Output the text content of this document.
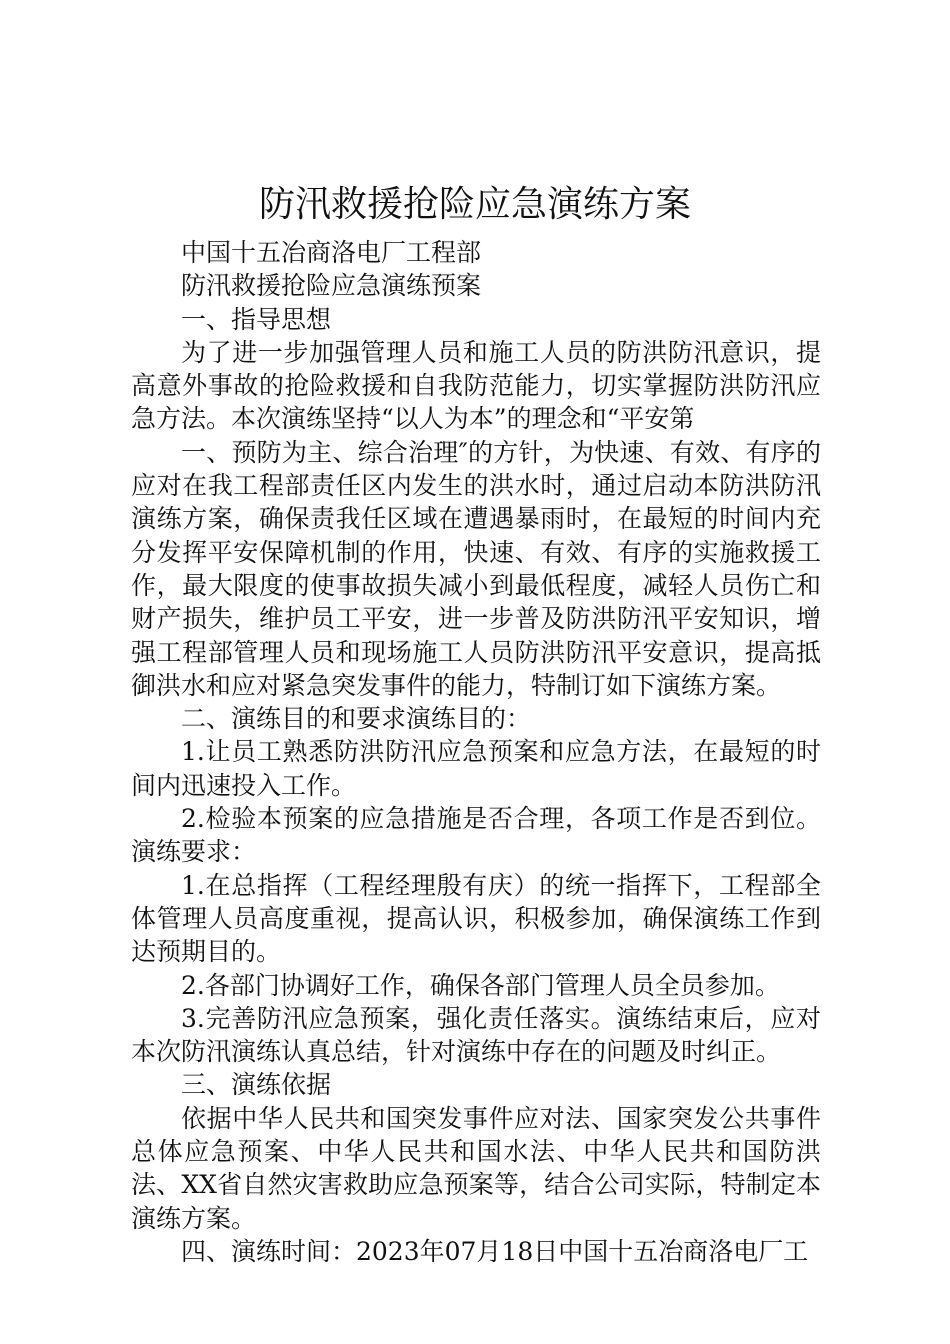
防汛救援抢险应急演练方案

中国十五冶商洛电厂工程部

防汛救援抢险应急演练预案

一、指导思想

为了进一步加强管理人员和施工人员的防洪防汛意识，提高意外事故的抢险救援和自我防范能力，切实掌握防洪防汛应急方法。本次演练坚持“以人为本”的理念和“平安第

一、预防为主、综合治理″的方针，为快速、有效、有序的应对在我工程部责任区内发生的洪水时，通过启动本防洪防汛演练方案，确保责我任区域在遭遇暴雨时，在最短的时间内充分发挥平安保障机制的作用，快速、有效、有序的实施救援工作，最大限度的使事故损失减小到最低程度，减轻人员伤亡和财产损失，维护员工平安，进一步普及防洪防汛平安知识，增强工程部管理人员和现场施工人员防洪防汛平安意识，提高抵御洪水和应对紧急突发事件的能力，特制订如下演练方案。

二、演练目的和要求演练目的：

1.让员工熟悉防洪防汛应急预案和应急方法，在最短的时间内迅速投入工作。

2.检验本预案的应急措施是否合理，各项工作是否到位。演练要求：

1.在总指挥（工程经理殷有庆）的统一指挥下，工程部全体管理人员高度重视，提高认识，积极参加，确保演练工作到达预期目的。

2.各部门协调好工作，确保各部门管理人员全员参加。

3.完善防汛应急预案，强化责任落实。演练结束后，应对本次防汛演练认真总结，针对演练中存在的问题及时纠正。

三、演练依据

依据中华人民共和国突发事件应对法、国家突发公共事件总体应急预案、中华人民共和国水法、中华人民共和国防洪法、XX省自然灾害救助应急预案等，结合公司实际，特制定本演练方案。

四、演练时间：2023年07月18日中国十五冶商洛电厂工
